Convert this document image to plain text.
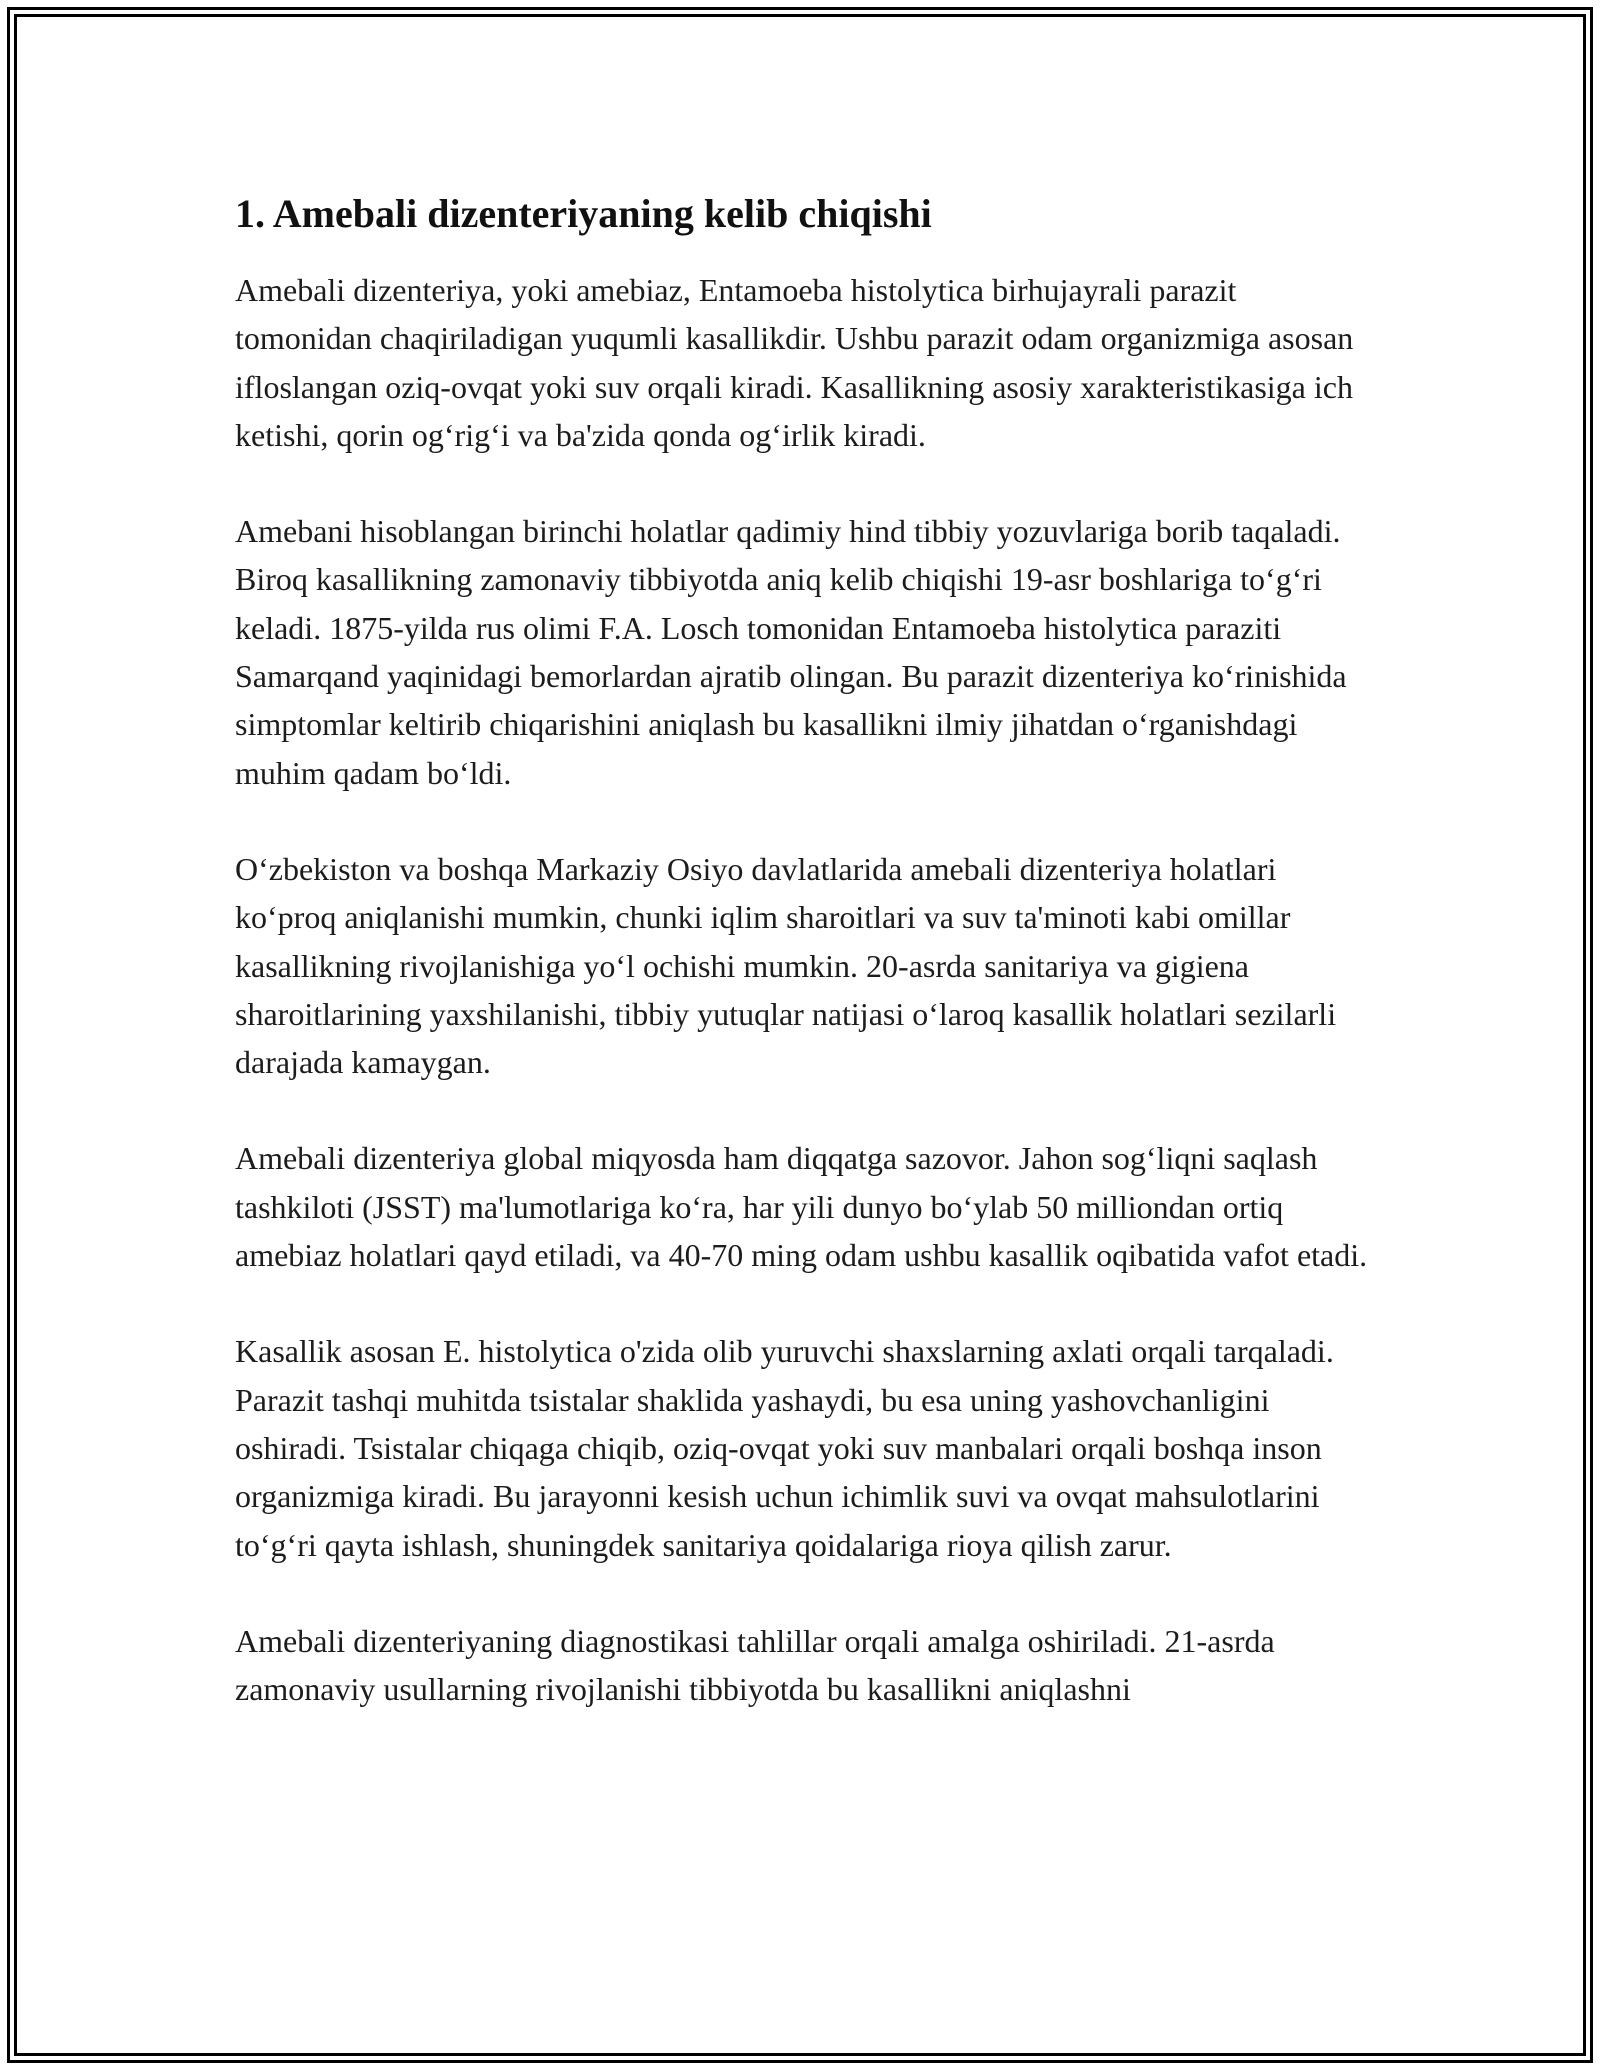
1. Amebali dizenteriyaning kelib chiqishi

Amebali dizenteriya, yoki amebiaz, Entamoeba histolytica birhujayrali parazit tomonidan chaqiriladigan yuqumli kasallikdir. Ushbu parazit odam organizmiga asosan ifloslangan oziq-ovqat yoki suv orqali kiradi. Kasallikning asosiy xarakteristikasiga ich ketishi, qorin og‘rig‘i va ba'zida qonda og‘irlik kiradi.

Amebani hisoblangan birinchi holatlar qadimiy hind tibbiy yozuvlariga borib taqaladi. Biroq kasallikning zamonaviy tibbiyotda aniq kelib chiqishi 19-asr boshlariga to‘g‘ri keladi. 1875-yilda rus olimi F.A. Losch tomonidan Entamoeba histolytica paraziti Samarqand yaqinidagi bemorlardan ajratib olingan. Bu parazit dizenteriya ko‘rinishida simptomlar keltirib chiqarishini aniqlash bu kasallikni ilmiy jihatdan o‘rganishdagi muhim qadam bo‘ldi.

O‘zbekiston va boshqa Markaziy Osiyo davlatlarida amebali dizenteriya holatlari ko‘proq aniqlanishi mumkin, chunki iqlim sharoitlari va suv ta'minoti kabi omillar kasallikning rivojlanishiga yo‘l ochishi mumkin. 20-asrda sanitariya va gigiena sharoitlarining yaxshilanishi, tibbiy yutuqlar natijasi o‘laroq kasallik holatlari sezilarli darajada kamaygan.

Amebali dizenteriya global miqyosda ham diqqatga sazovor. Jahon sog‘liqni saqlash tashkiloti (JSST) ma'lumotlariga ko‘ra, har yili dunyo bo‘ylab 50 milliondan ortiq amebiaz holatlari qayd etiladi, va 40-70 ming odam ushbu kasallik oqibatida vafot etadi.

Kasallik asosan E. histolytica o'zida olib yuruvchi shaxslarning axlati orqali tarqaladi. Parazit tashqi muhitda tsistalar shaklida yashaydi, bu esa uning yashovchanligini oshiradi. Tsistalar chiqaga chiqib, oziq-ovqat yoki suv manbalari orqali boshqa inson organizmiga kiradi. Bu jarayonni kesish uchun ichimlik suvi va ovqat mahsulotlarini to‘g‘ri qayta ishlash, shuningdek sanitariya qoidalariga rioya qilish zarur.

Amebali dizenteriyaning diagnostikasi tahlillar orqali amalga oshiriladi. 21-asrda zamonaviy usullarning rivojlanishi tibbiyotda bu kasallikni aniqlashni
